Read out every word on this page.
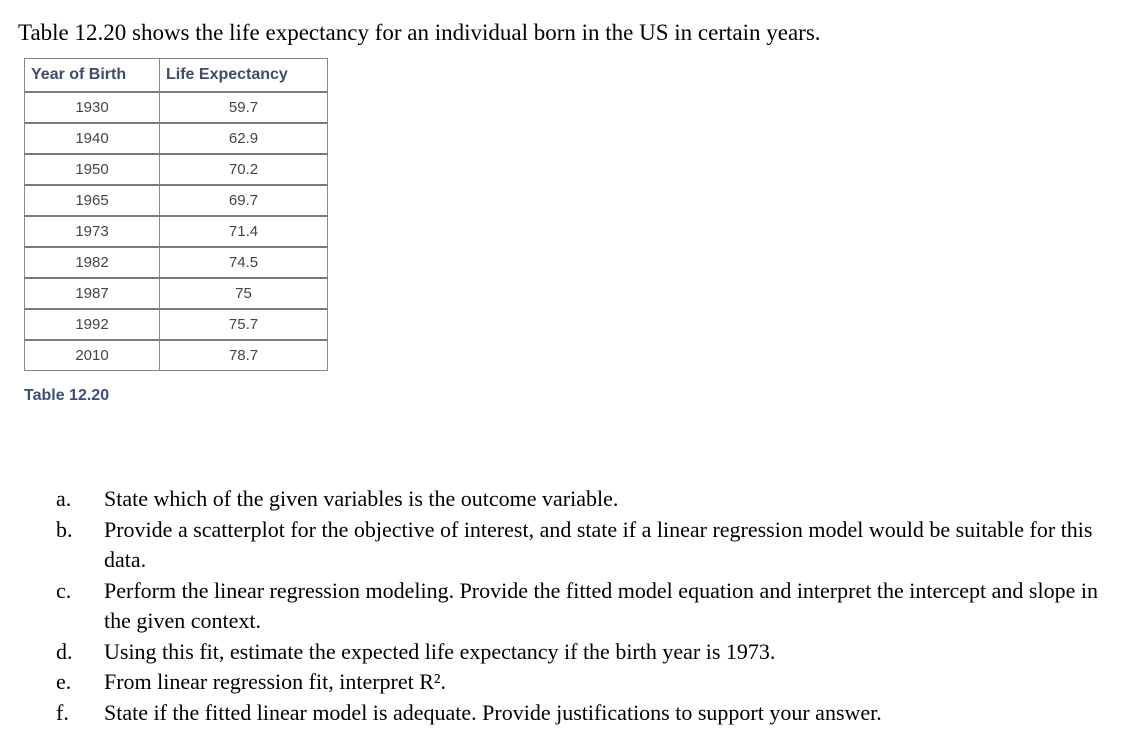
Table 12.20 shows the life expectancy for an individual born in the US in certain years.

Year of Birth	Life Expectancy
1930	59.7
1940	62.9
1950	70.2
1965	69.7
1973	71.4
1982	74.5
1987	75
1992	75.7
2010	78.7
Table 12.20
a.	State which of the given variables is the outcome variable.
b.	Provide a scatterplot for the objective of interest, and state if a linear regression model would be suitable for this data.
c.	Perform the linear regression modeling. Provide the fitted model equation and interpret the intercept and slope in the given context.
d.	Using this fit, estimate the expected life expectancy if the birth year is 1973.
e.	From linear regression fit, interpret R².
f.	State if the fitted linear model is adequate. Provide justifications to support your answer.
